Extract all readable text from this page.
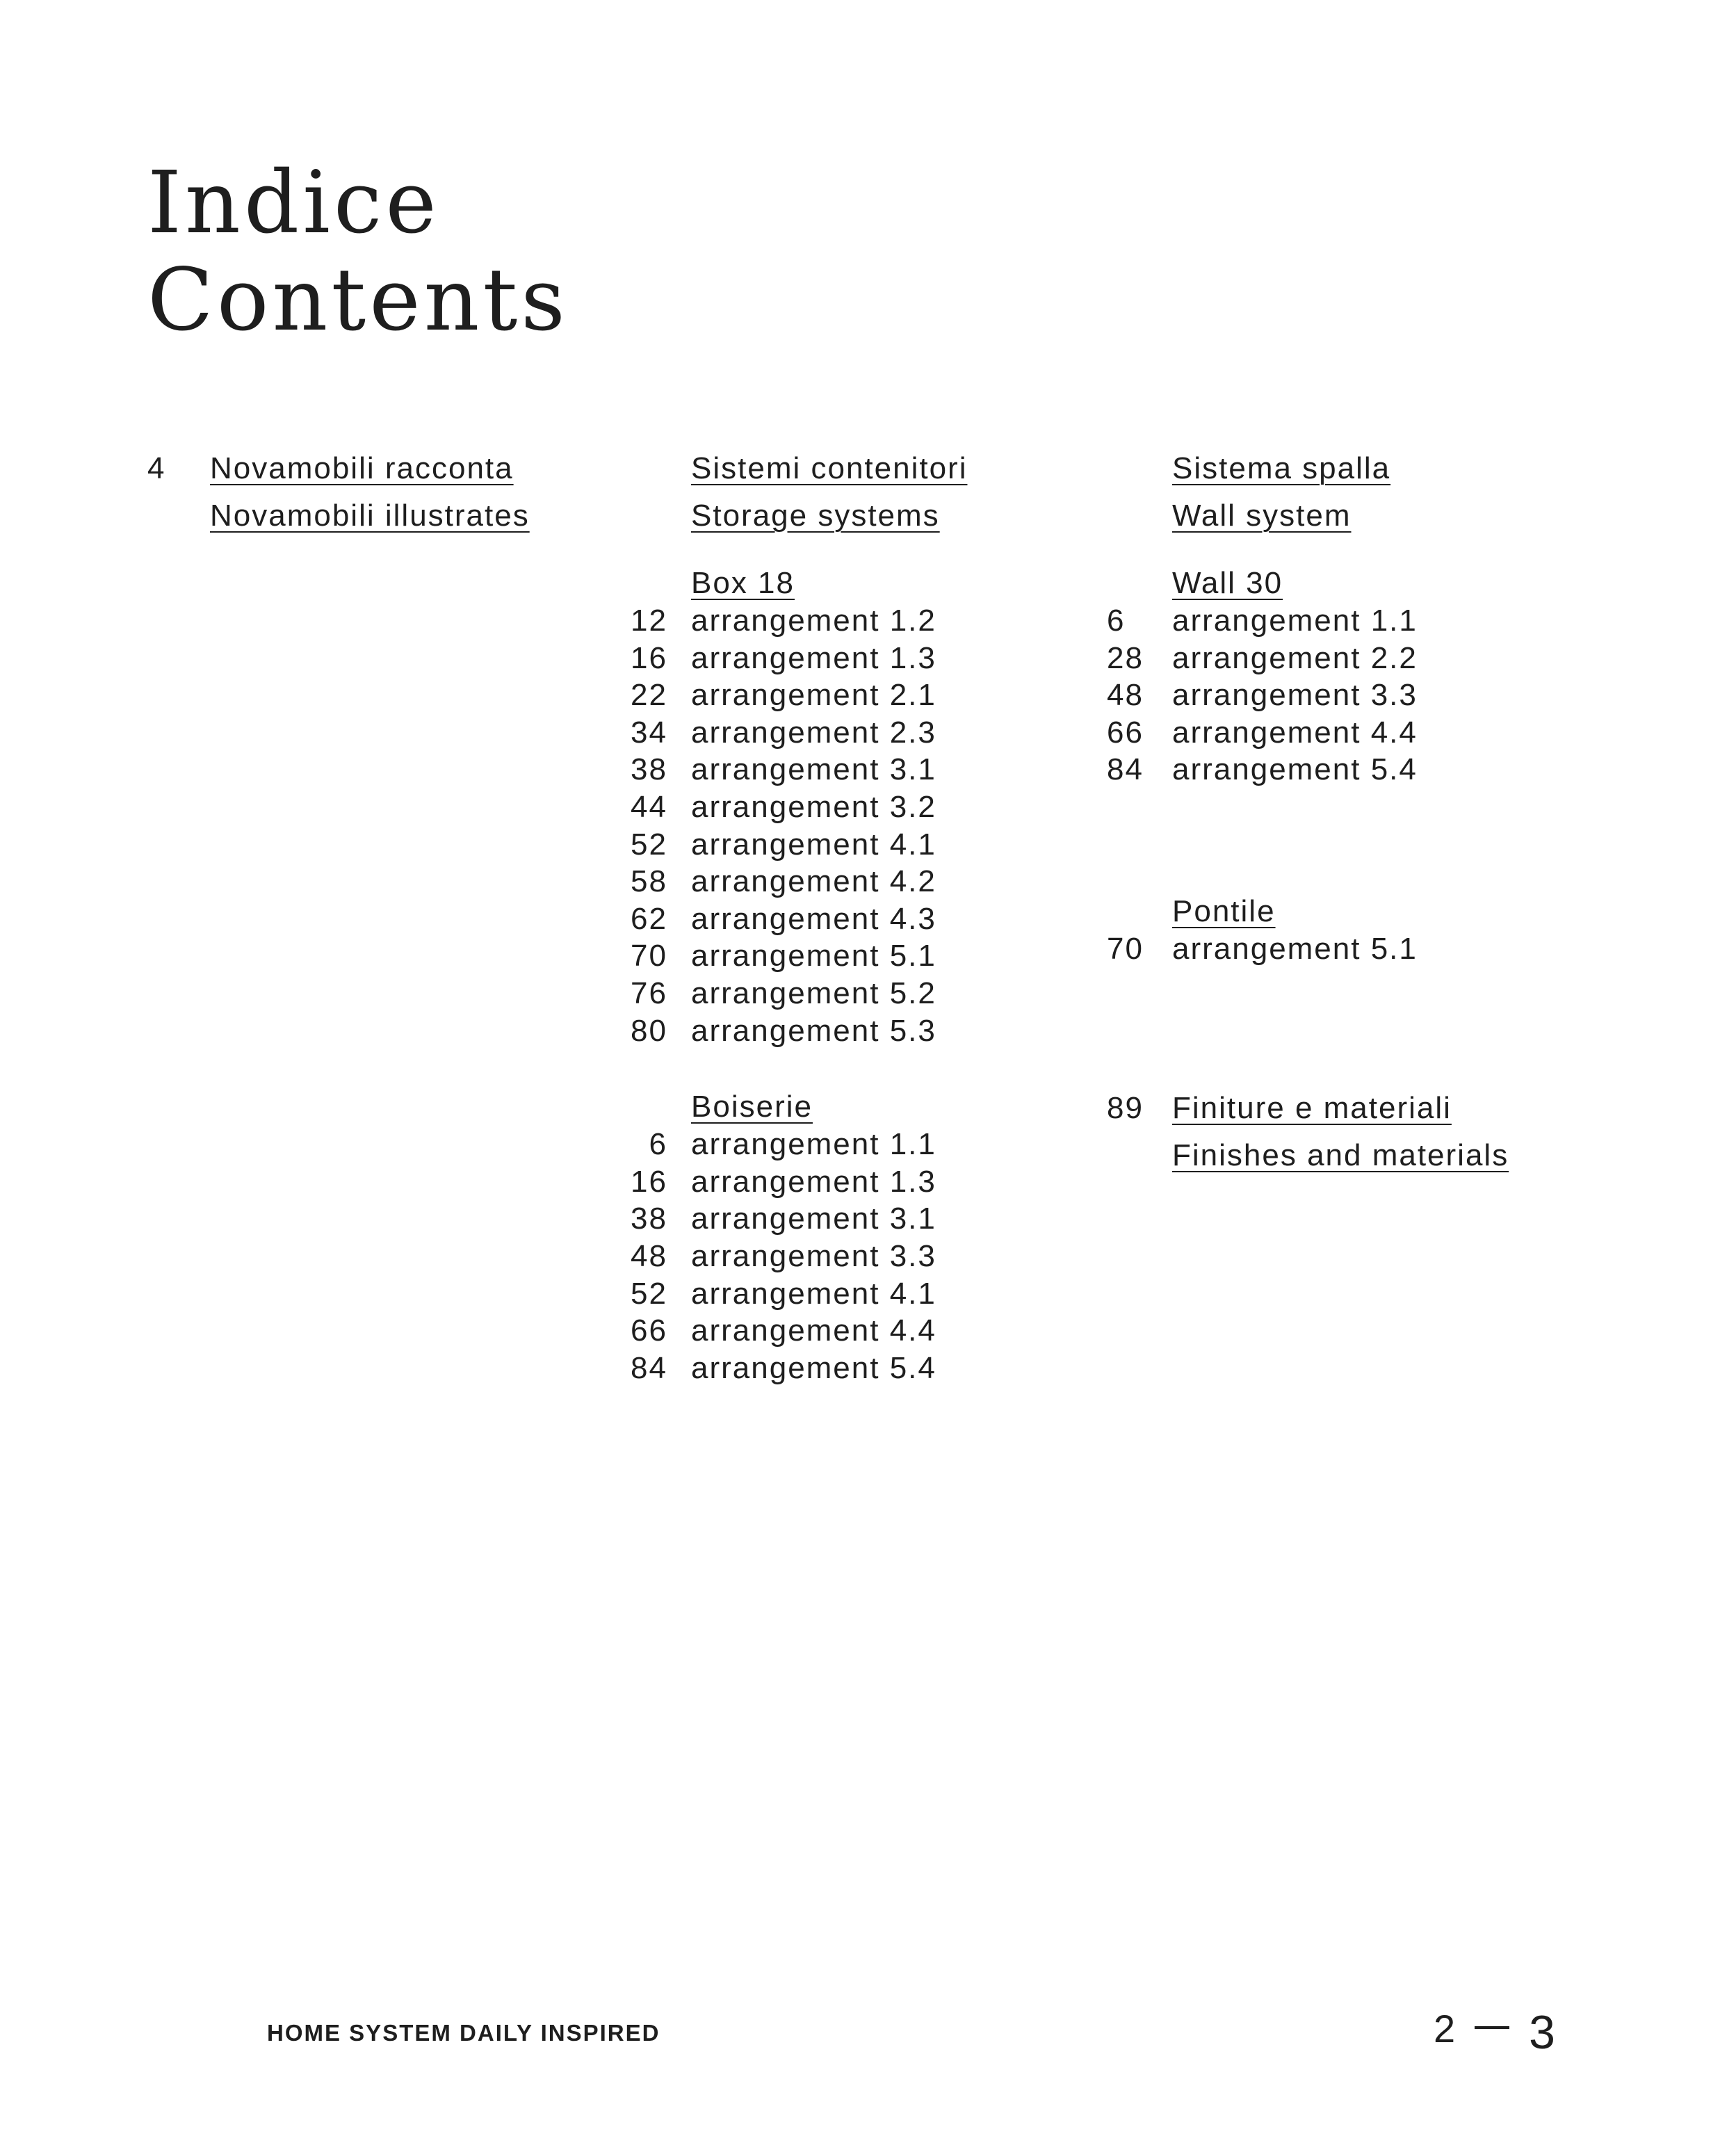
Indice
Contents
4	Novamobili racconta
Novamobili illustrates
Sistemi contenitori
Storage systems
Box 18
12 arrangement 1.2
16 arrangement 1.3
22 arrangement 2.1
34 arrangement 2.3
38 arrangement 3.1
44 arrangement 3.2
52 arrangement 4.1
58 arrangement 4.2
62 arrangement 4.3
70 arrangement 5.1
76 arrangement 5.2
80 arrangement 5.3
Boiserie
6 arrangement 1.1
16 arrangement 1.3
38 arrangement 3.1
48 arrangement 3.3
52 arrangement 4.1
66 arrangement 4.4
84 arrangement 5.4
Sistema spalla
Wall system
Wall 30
6	arrangement 1.1
28 arrangement 2.2
48 arrangement 3.3
66 arrangement 4.4
84 arrangement 5.4
Pontile
70 arrangement 5.1
89 Finiture e materiali
Finishes and materials
HOME SYSTEM DAILY INSPIRED	2 3
